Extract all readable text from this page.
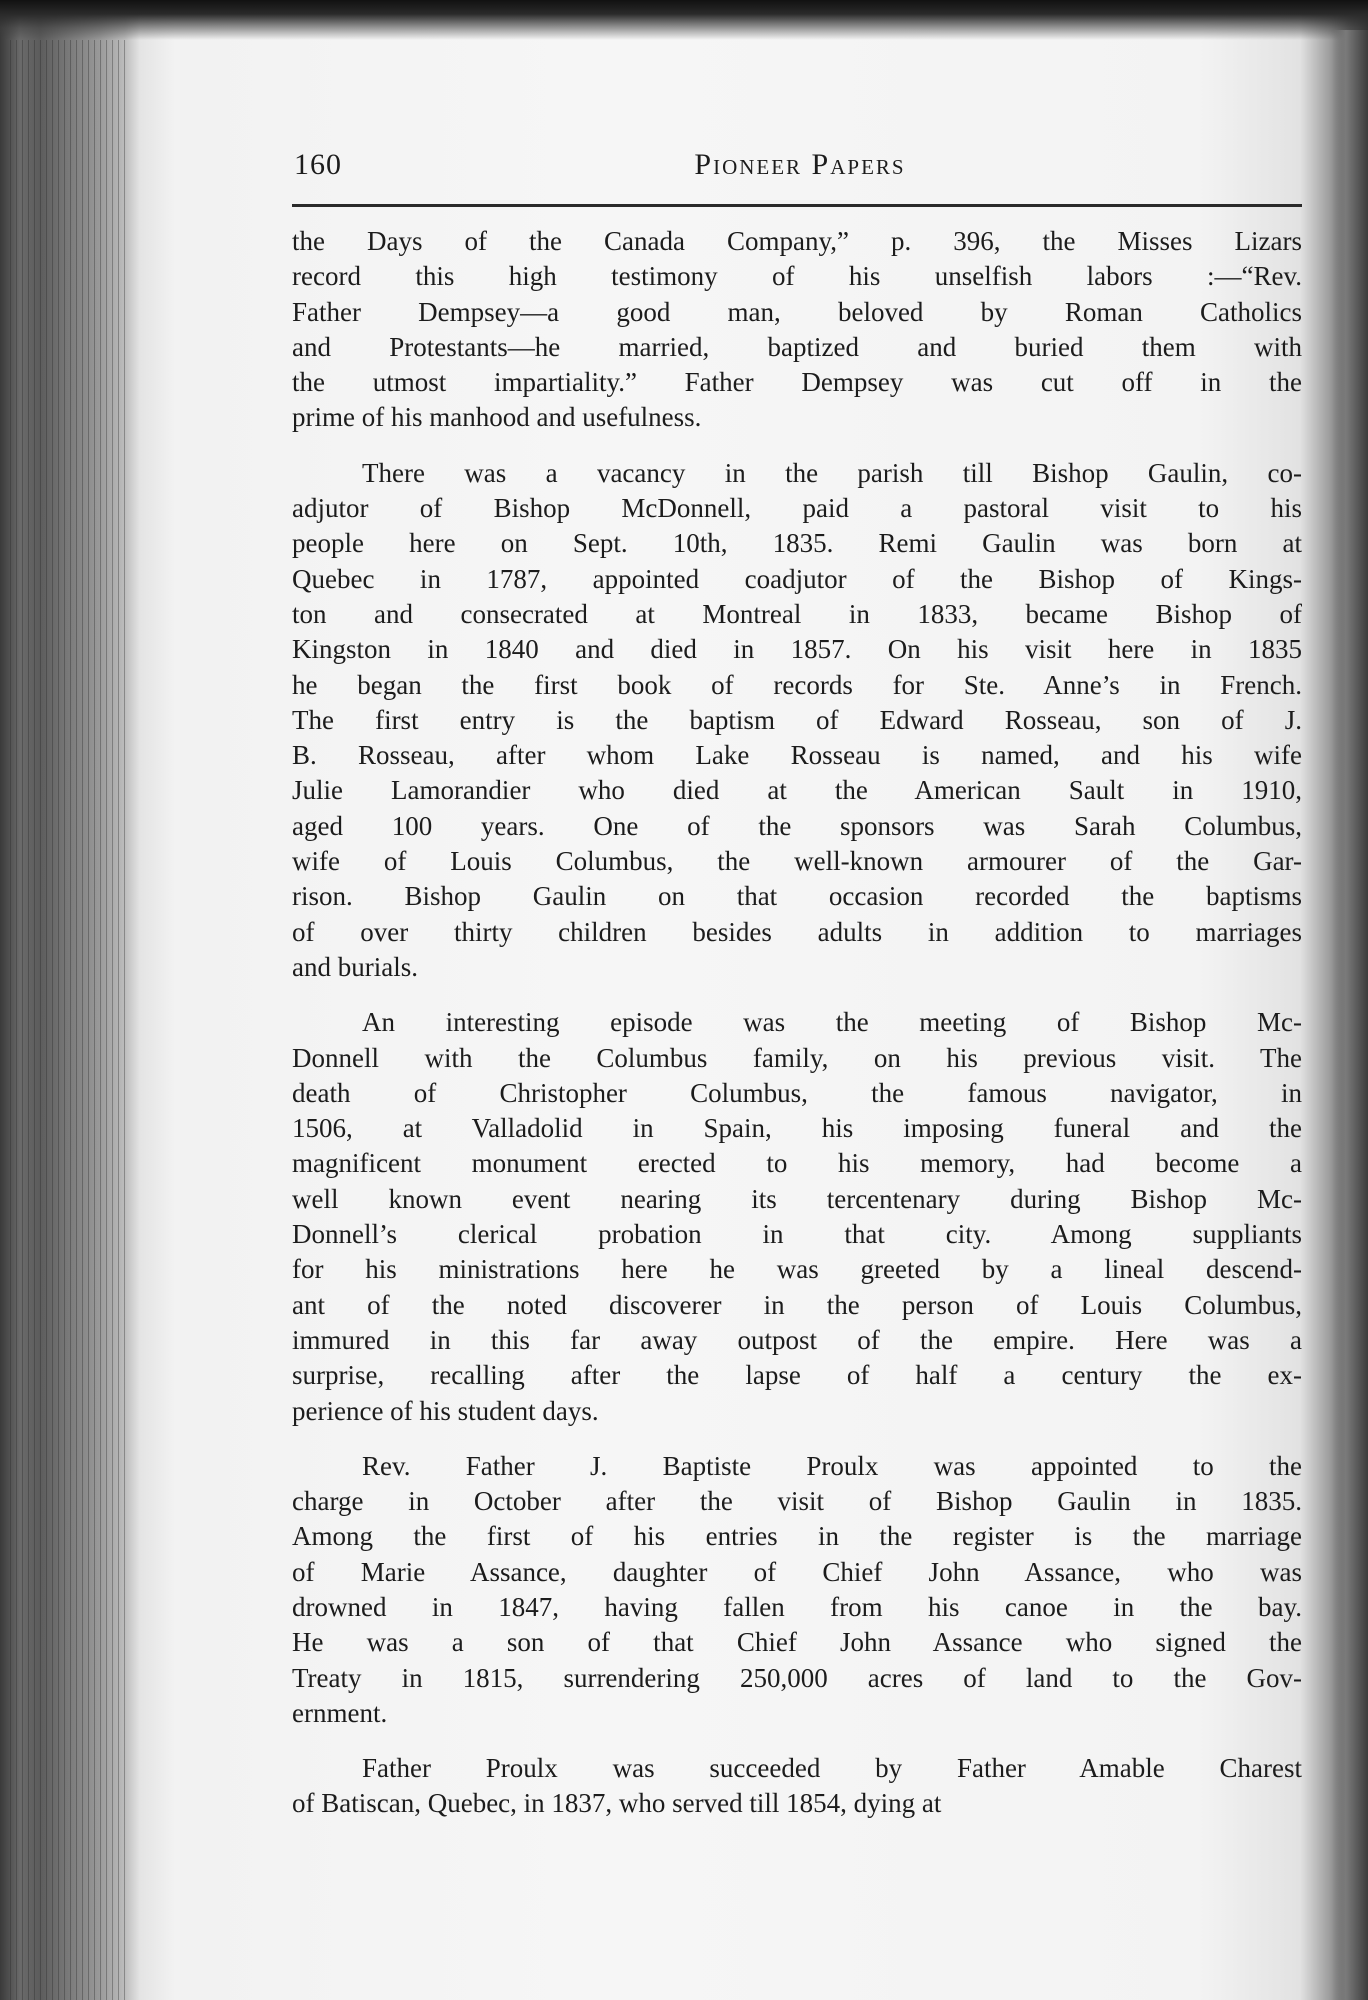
160	Pioneer Papers
the Days of the Canada Company,” p. 396, the Misses Lizars
record this high testimony of his unselfish labors :—“Rev.
Father Dempsey—a good man, beloved by Roman Catholics
and Protestants—he married, baptized and buried them with
the utmost impartiality.” Father Dempsey was cut off in the
prime of his manhood and usefulness.
There was a vacancy in the parish till Bishop Gaulin, co-
adjutor of Bishop McDonnell, paid a pastoral visit to his
people here on Sept. 10th, 1835. Remi Gaulin was born at
Quebec in 1787, appointed coadjutor of the Bishop of Kings-
ton and consecrated at Montreal in 1833, became Bishop of
Kingston in 1840 and died in 1857. On his visit here in 1835
he began the first book of records for Ste. Anne’s in French.
The first entry is the baptism of Edward Rosseau, son of J.
B. Rosseau, after whom Lake Rosseau is named, and his wife
Julie Lamorandier who died at the American Sault in 1910,
aged 100 years. One of the sponsors was Sarah Columbus,
wife of Louis Columbus, the well-known armourer of the Gar-
rison. Bishop Gaulin on that occasion recorded the baptisms
of over thirty children besides adults in addition to marriages
and burials.
An interesting episode was the meeting of Bishop Mc-
Donnell with the Columbus family, on his previous visit. The
death of Christopher Columbus, the famous navigator, in
1506, at Valladolid in Spain, his imposing funeral and the
magnificent monument erected to his memory, had become a
well known event nearing its tercentenary during Bishop Mc-
Donnell’s clerical probation in that city. Among suppliants
for his ministrations here he was greeted by a lineal descend-
ant of the noted discoverer in the person of Louis Columbus,
immured in this far away outpost of the empire. Here was a
surprise, recalling after the lapse of half a century the ex-
perience of his student days.
Rev. Father J. Baptiste Proulx was appointed to the
charge in October after the visit of Bishop Gaulin in 1835.
Among the first of his entries in the register is the marriage
of Marie Assance, daughter of Chief John Assance, who was
drowned in 1847, having fallen from his canoe in the bay.
He was a son of that Chief John Assance who signed the
Treaty in 1815, surrendering 250,000 acres of land to the Gov-
ernment.
Father Proulx was succeeded by Father Amable Charest
of Batiscan, Quebec, in 1837, who served till 1854, dying at
